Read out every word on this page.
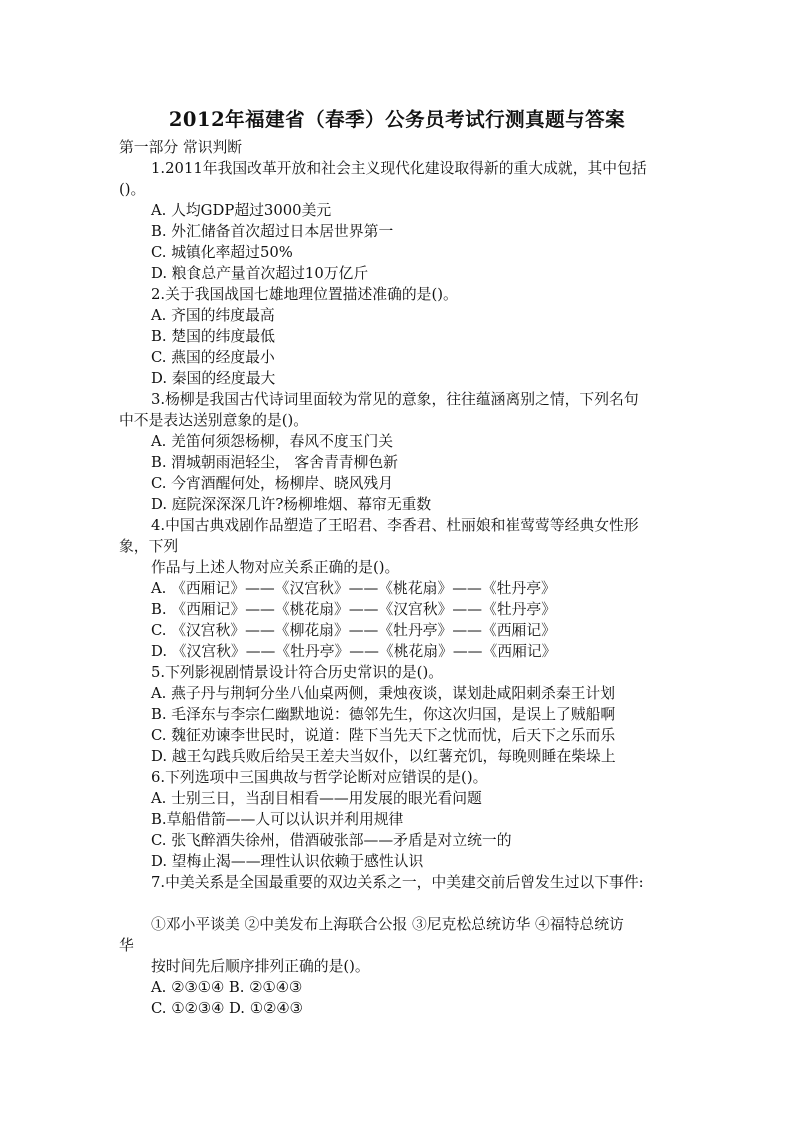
2012年福建省（春季）公务员考试行测真题与答案
第一部分 常识判断
1.2011年我国改革开放和社会主义现代化建设取得新的重大成就，其中包括
()。
A. 人均GDP超过3000美元
B. 外汇储备首次超过日本居世界第一
C. 城镇化率超过50%
D. 粮食总产量首次超过10万亿斤
2.关于我国战国七雄地理位置描述准确的是()。
A. 齐国的纬度最高
B. 楚国的纬度最低
C. 燕国的经度最小
D. 秦国的经度最大
3.杨柳是我国古代诗词里面较为常见的意象，往往蕴涵离别之情，下列名句
中不是表达送别意象的是()。
A. 羌笛何须怨杨柳，春风不度玉门关
B. 渭城朝雨浥轻尘， 客舍青青柳色新
C. 今宵酒醒何处，杨柳岸、晓风残月
D. 庭院深深深几许?杨柳堆烟、幕帘无重数
4.中国古典戏剧作品塑造了王昭君、李香君、杜丽娘和崔莺莺等经典女性形
象，下列
作品与上述人物对应关系正确的是()。
A. 《西厢记》——《汉宫秋》——《桃花扇》——《牡丹亭》
B. 《西厢记》——《桃花扇》——《汉宫秋》——《牡丹亭》
C. 《汉宫秋》——《柳花扇》——《牡丹亭》——《西厢记》
D. 《汉宫秋》——《牡丹亭》——《桃花扇》——《西厢记》
5.下列影视剧情景设计符合历史常识的是()。
A. 燕子丹与荆轲分坐八仙桌两侧，秉烛夜谈，谋划赴咸阳刺杀秦王计划
B. 毛泽东与李宗仁幽默地说：德邻先生，你这次归国，是误上了贼船啊
C. 魏征劝谏李世民时，说道：陛下当先天下之忧而忧，后天下之乐而乐
D. 越王勾践兵败后给吴王差夫当奴仆，以红薯充饥，每晚则睡在柴垛上
6.下列选项中三国典故与哲学论断对应错误的是()。
A. 士别三日，当刮目相看——用发展的眼光看问题
B.草船借箭——人可以认识并利用规律
C. 张飞醉酒失徐州，借酒破张部——矛盾是对立统一的
D. 望梅止渴——理性认识依赖于感性认识
7.中美关系是全国最重要的双边关系之一，中美建交前后曾发生过以下事件:
①邓小平谈美 ②中美发布上海联合公报 ③尼克松总统访华 ④福特总统访
华
按时间先后顺序排列正确的是()。
A. ②③①④ B. ②①④③
C. ①②③④ D. ①②④③
